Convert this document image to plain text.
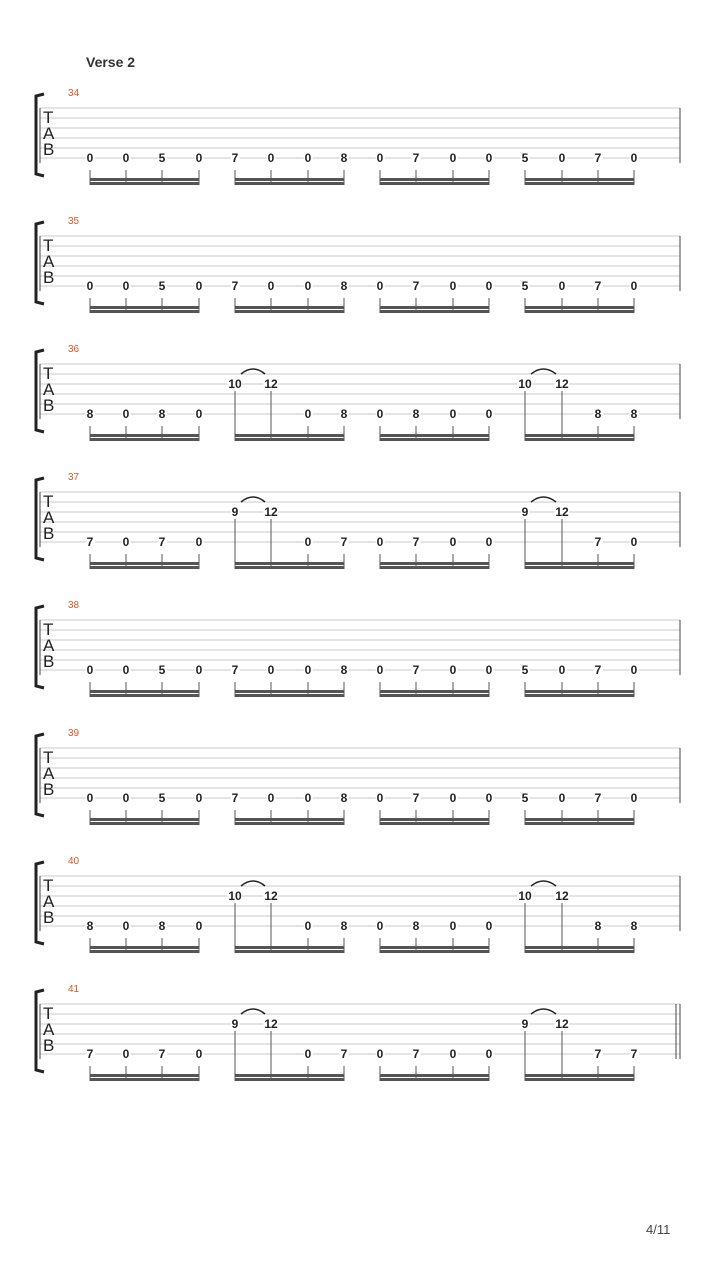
Verse 2
34
T
A
B	0 0 5	0 7 0	0 8 0 7	0 0 5	0 7 0
35
T
A
B	0 0 5	0 7 0	0 8 0 7	0 0 5	0 7 0
36
T
A
B	8 0 8	0	0 8 0 8	0 0	8 8
10 12	10 12
37
T
A
B	7 0 7	0	0 7 0 7	0 0	7 0
9 12	9 12
38
T
A
B	0 0 5	0 7 0	0 8 0 7	0 0 5	0 7 0
39
T
A
B	0 0 5	0 7 0	0 8 0 7	0 0 5	0 7 0
40
T
A
B	8 0 8	0	0 8 0 8	0 0	8 8
10 12	10 12
41
T
A
B	7 0 7	0	0 7 0 7	0 0	7 7
9 12	9 12
4/11
